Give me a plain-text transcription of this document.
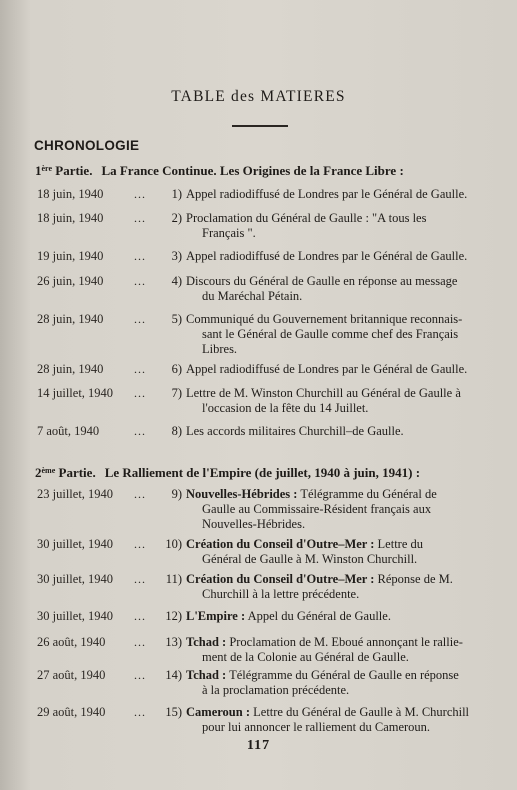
TABLE des MATIERES
CHRONOLOGIE
1ère Partie. La France Continue. Les Origines de la France Libre :
18 juin, 1940	...	1) Appel radiodiffusé de Londres par le Général de Gaulle.
18 juin, 1940	...	2) Proclamation du Général de Gaulle : "A tous les
Français ".
19 juin, 1940	...	3) Appel radiodiffusé de Londres par le Général de Gaulle.
26 juin, 1940	...	4) Discours du Général de Gaulle en réponse au message
du Maréchal Pétain.
28 juin, 1940	...	5) Communiqué du Gouvernement britannique reconnais-
sant le Général de Gaulle comme chef des Français
Libres.
28 juin, 1940	...	6) Appel radiodiffusé de Londres par le Général de Gaulle.
14 juillet, 1940 ...	7) Lettre de M. Winston Churchill au Général de Gaulle à
l'occasion de la fête du 14 Juillet.
7 août, 1940	...	8) Les accords militaires Churchill–de Gaulle.
2ème Partie. Le Ralliement de l'Empire (de juillet, 1940 à juin, 1941) :
23 juillet, 1940 ...	9) Nouvelles-Hébrides : Télégramme du Général de
Gaulle au Commissaire-Résident français aux
Nouvelles-Hébrides.
30 juillet, 1940 ...	10) Création du Conseil d'Outre–Mer : Lettre du
Général de Gaulle à M. Winston Churchill.
30 juillet, 1940 ...	11) Création du Conseil d'Outre–Mer : Réponse de M.
Churchill à la lettre précédente.
30 juillet, 1940 ...	12) L'Empire : Appel du Général de Gaulle.
26 août, 1940 ...	13) Tchad : Proclamation de M. Eboué annonçant le rallie-
ment de la Colonie au Général de Gaulle.
27 août, 1940 ...	14) Tchad : Télégramme du Général de Gaulle en réponse
à la proclamation précédente.
29 août, 1940 ...	15) Cameroun : Lettre du Général de Gaulle à M. Churchill
pour lui annoncer le ralliement du Cameroun.
117
